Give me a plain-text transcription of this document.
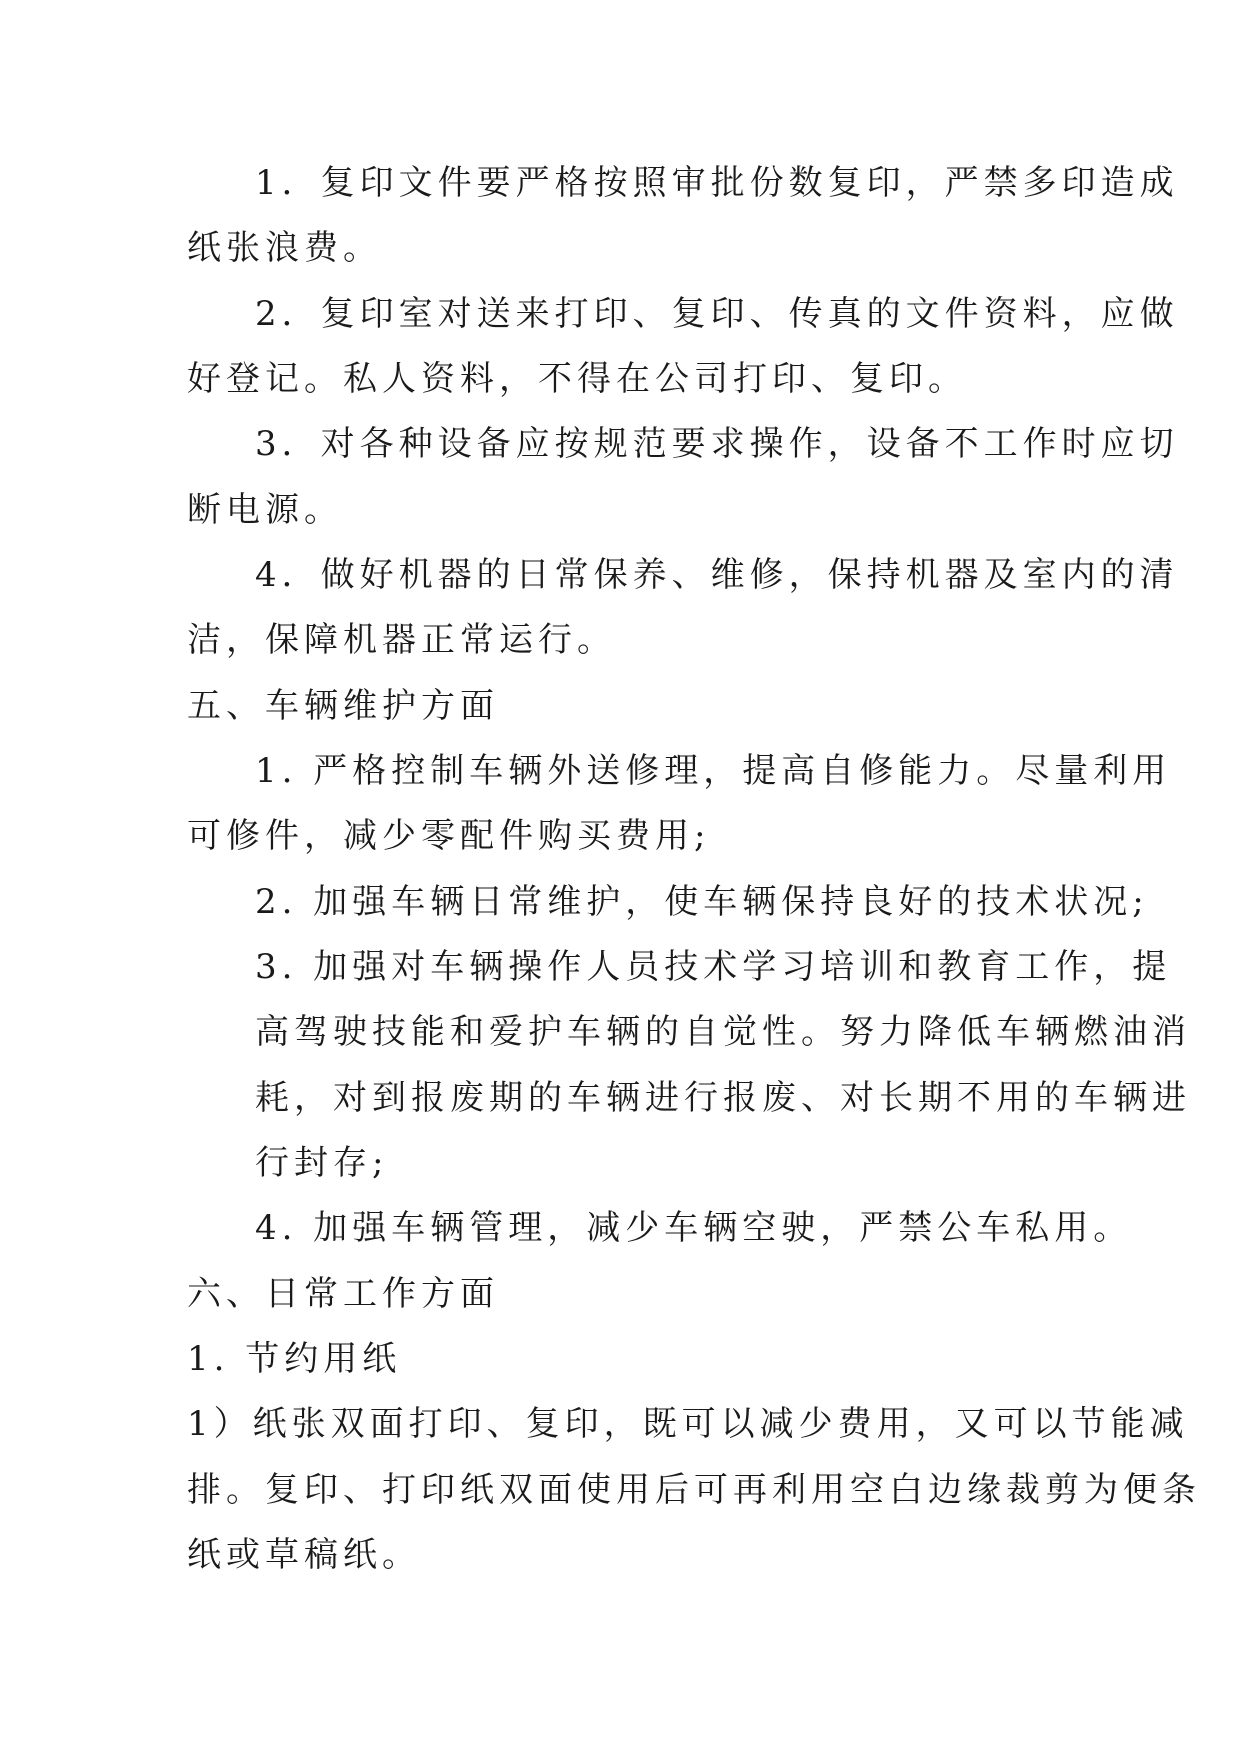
1．复印文件要严格按照审批份数复印，严禁多印造成

纸张浪费。

2．复印室对送来打印、复印、传真的文件资料，应做

好登记。私人资料，不得在公司打印、复印。

3．对各种设备应按规范要求操作，设备不工作时应切

断电源。

4．做好机器的日常保养、维修，保持机器及室内的清

洁，保障机器正常运行。

五、车辆维护方面

1. 严格控制车辆外送修理，提高自修能力。尽量利用

可修件，减少零配件购买费用;

2. 加强车辆日常维护，使车辆保持良好的技术状况;

3. 加强对车辆操作人员技术学习培训和教育工作，提

高驾驶技能和爱护车辆的自觉性。努力降低车辆燃油消

耗，对到报废期的车辆进行报废、对长期不用的车辆进

行封存;

4. 加强车辆管理，减少车辆空驶，严禁公车私用。

六、日常工作方面

1. 节约用纸

1）纸张双面打印、复印，既可以减少费用，又可以节能减

排。复印、打印纸双面使用后可再利用空白边缘裁剪为便条

纸或草稿纸。
